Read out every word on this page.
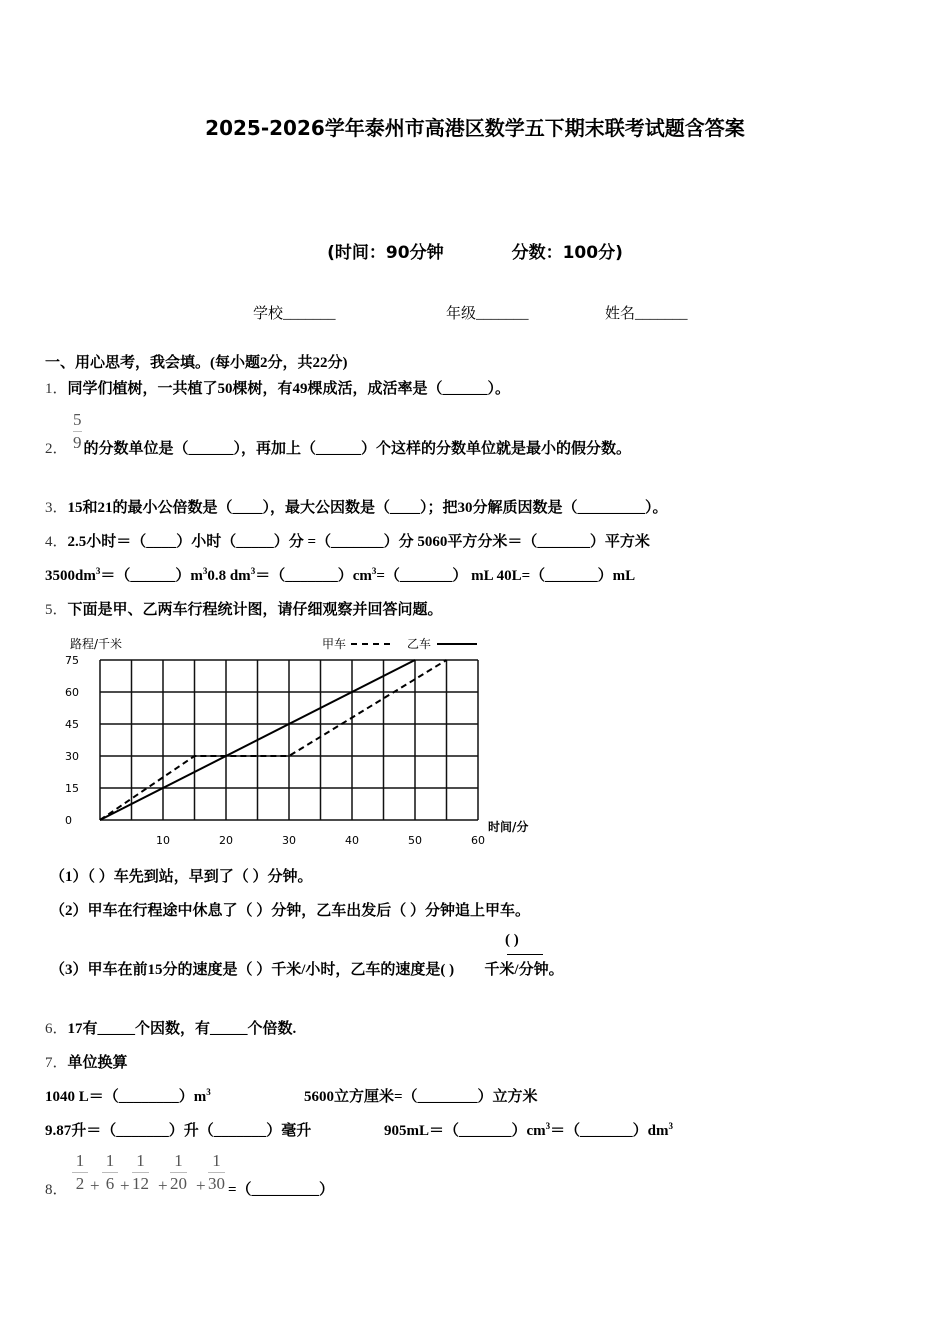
2025-2026学年泰州市高港区数学五下期末联考试题含答案
(时间：90分钟　　　　分数：100分)
学校_______	年级_______	姓名_______
一、用心思考，我会填。(每小题2分，共22分)
1．同学们植树，一共植了50棵树，有49棵成活，成活率是（______）。
5
9
2． 的分数单位是（______），再加上（______）个这样的分数单位就是最小的假分数。
3．15和21的最小公倍数是（____），最大公因数是（____）；把30分解质因数是（_________）。
4．2.5小时＝（____）小时（_____）分 =（_______）分 5060平方分米＝（_______）平方米
$3500dm^3=(\_\_\_\_\_\_)m^30.8$ $dm^3=(\_\_\_\_\_\_\_)cm^3=(\_\_\_\_\_\_\_)$ mL 40L=（_______）mL
5．下面是甲、乙两车行程统计图，请仔细观察并回答问题。
路程/千米
时间/分
甲车	乙车
0
15
30
45
60
75
10	20	30	40	50	60
（1）（ ）车先到站，早到了（ ）分钟。
（2）甲车在行程途中休息了（ ）分钟，乙车出发后（ ）分钟追上甲车。
( )
（3）甲车在前15分的速度是（ ）千米/小时，乙车的速度是( ) 千米/分钟。
6．17有_____个因数，有_____个倍数.
7．单位换算
1040 $L=(\_\_\_\_\_\_\_\_)m^3$	5600立方厘米=（________）立方米
9.87升＝（_______）升（_______）毫升	$905mL=(\_\_\_\_\_\_\_)cm^3=(\_\_\_\_\_\_\_)dm^3$
8．
1
2 +
1
6 +
1
12 +
1
20 +
1
30 =（_________）
